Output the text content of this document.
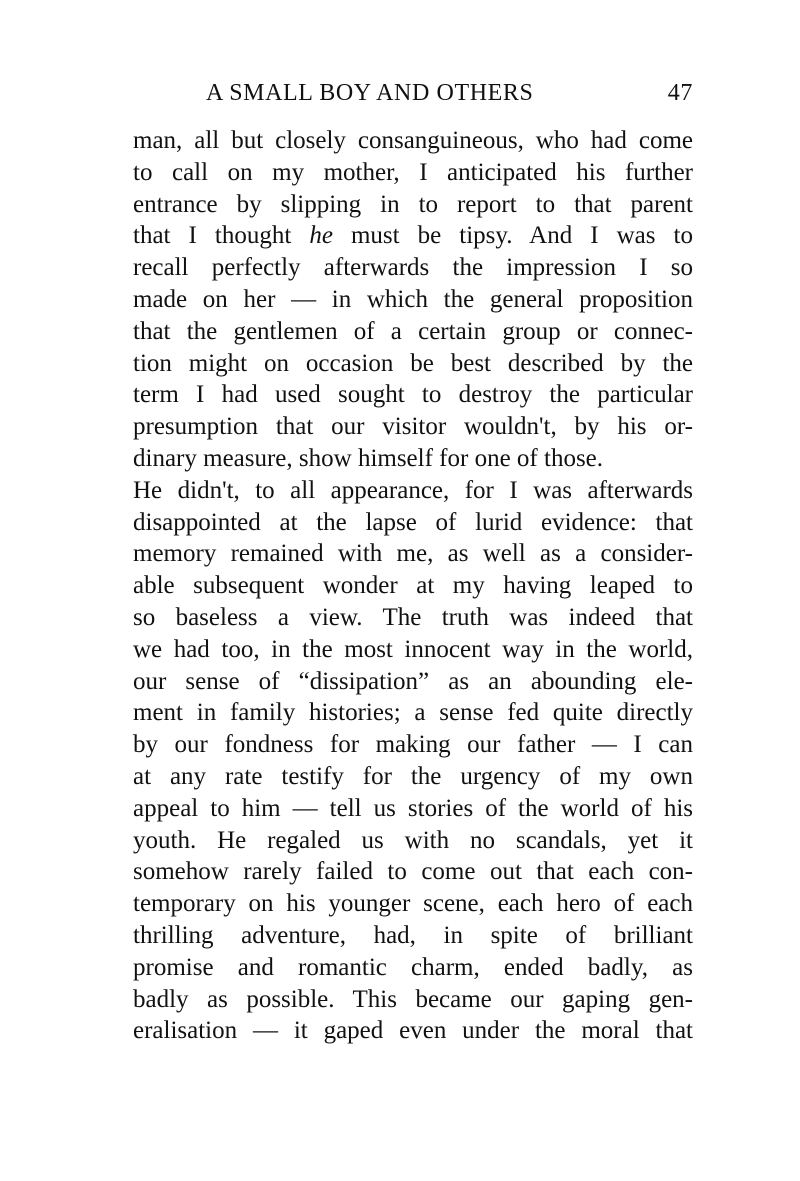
A SMALL BOY AND OTHERS	47
man, all but closely consanguineous, who had come
to call on my mother, I anticipated his further
entrance by slipping in to report to that parent
that I thought he must be tipsy. And I was to
recall perfectly afterwards the impression I so
made on her — in which the general proposition
that the gentlemen of a certain group or connec-
tion might on occasion be best described by the
term I had used sought to destroy the particular
presumption that our visitor wouldn't, by his or-
dinary measure, show himself for one of those.
He didn't, to all appearance, for I was afterwards
disappointed at the lapse of lurid evidence: that
memory remained with me, as well as a consider-
able subsequent wonder at my having leaped to
so baseless a view. The truth was indeed that
we had too, in the most innocent way in the world,
our sense of “dissipation” as an abounding ele-
ment in family histories; a sense fed quite directly
by our fondness for making our father — I can
at any rate testify for the urgency of my own
appeal to him — tell us stories of the world of his
youth. He regaled us with no scandals, yet it
somehow rarely failed to come out that each con-
temporary on his younger scene, each hero of each
thrilling adventure, had, in spite of brilliant
promise and romantic charm, ended badly, as
badly as possible. This became our gaping gen-
eralisation — it gaped even under the moral that
